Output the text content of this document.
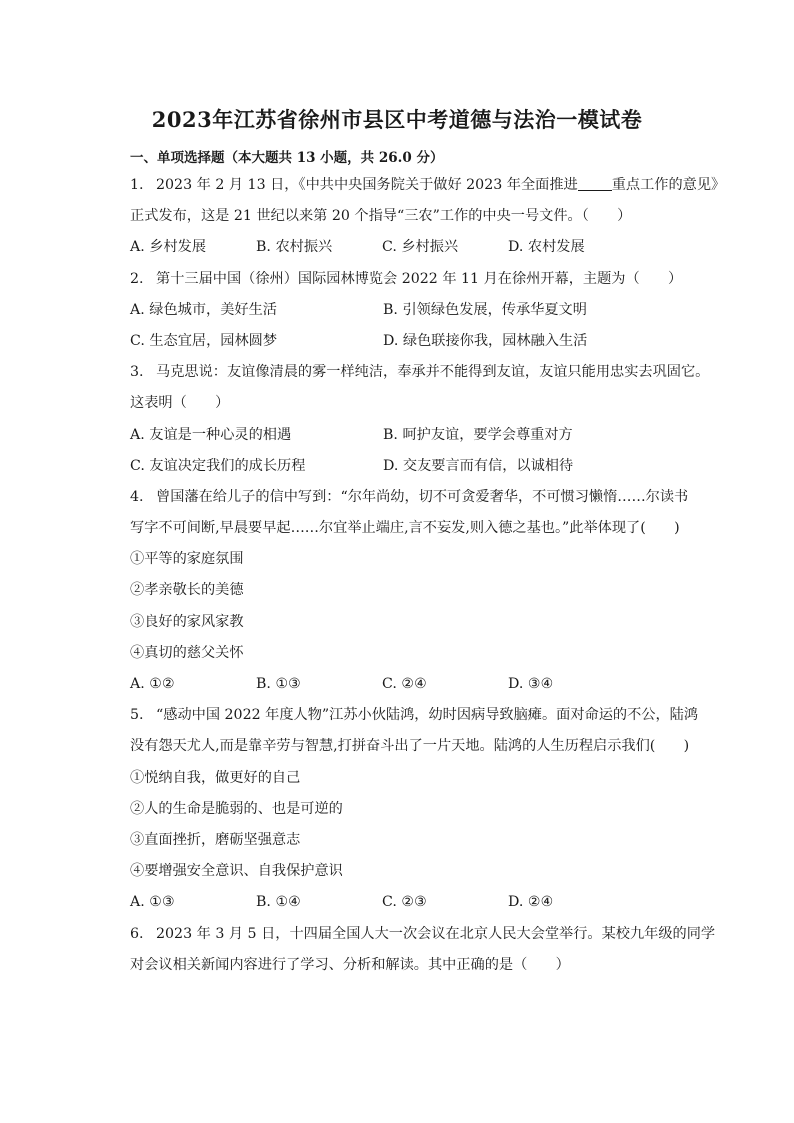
2023年江苏省徐州市县区中考道德与法治一模试卷
一、单项选择题（本大题共 13 小题，共 26.0 分）
1. 2023 年 2 月 13 日，《中共中央国务院关于做好 2023 年全面推进 重点工作的意见》
正式发布，这是 21 世纪以来第 20 个指导“三农”工作的中央一号文件。（　　）
A. 乡村发展	B. 农村振兴	C. 乡村振兴	D. 农村发展
2. 第十三届中国（徐州）国际园林博览会 2022 年 11 月在徐州开幕，主题为（　　）
A. 绿色城市，美好生活	B. 引领绿色发展，传承华夏文明
C. 生态宜居，园林圆梦	D. 绿色联接你我，园林融入生活
3. 马克思说：友谊像清晨的雾一样纯洁，奉承并不能得到友谊，友谊只能用忠实去巩固它。
这表明（　　）
A. 友谊是一种心灵的相遇	B. 呵护友谊，要学会尊重对方
C. 友谊决定我们的成长历程	D. 交友要言而有信，以诚相待
4. 曾国藩在给儿子的信中写到：“尔年尚幼，切不可贪爱奢华，不可惯习懒惰……尔读书
写字不可间断,早晨要早起……尔宜举止端庄,言不妄发,则入德之基也。”此举体现了(　　)
①平等的家庭氛围
②孝亲敬长的美德
③良好的家风家教
④真切的慈父关怀
A. ①②	B. ①③	C. ②④	D. ③④
5. “感动中国 2022 年度人物”江苏小伙陆鸿，幼时因病导致脑瘫。面对命运的不公，陆鸿
没有怨天尤人,而是靠辛劳与智慧,打拼奋斗出了一片天地。陆鸿的人生历程启示我们(　　)
①悦纳自我，做更好的自己
②人的生命是脆弱的、也是可逆的
③直面挫折，磨砺坚强意志
④要增强安全意识、自我保护意识
A. ①③	B. ①④	C. ②③	D. ②④
6. 2023 年 3 月 5 日，十四届全国人大一次会议在北京人民大会堂举行。某校九年级的同学
对会议相关新闻内容进行了学习、分析和解读。其中正确的是（　　）
